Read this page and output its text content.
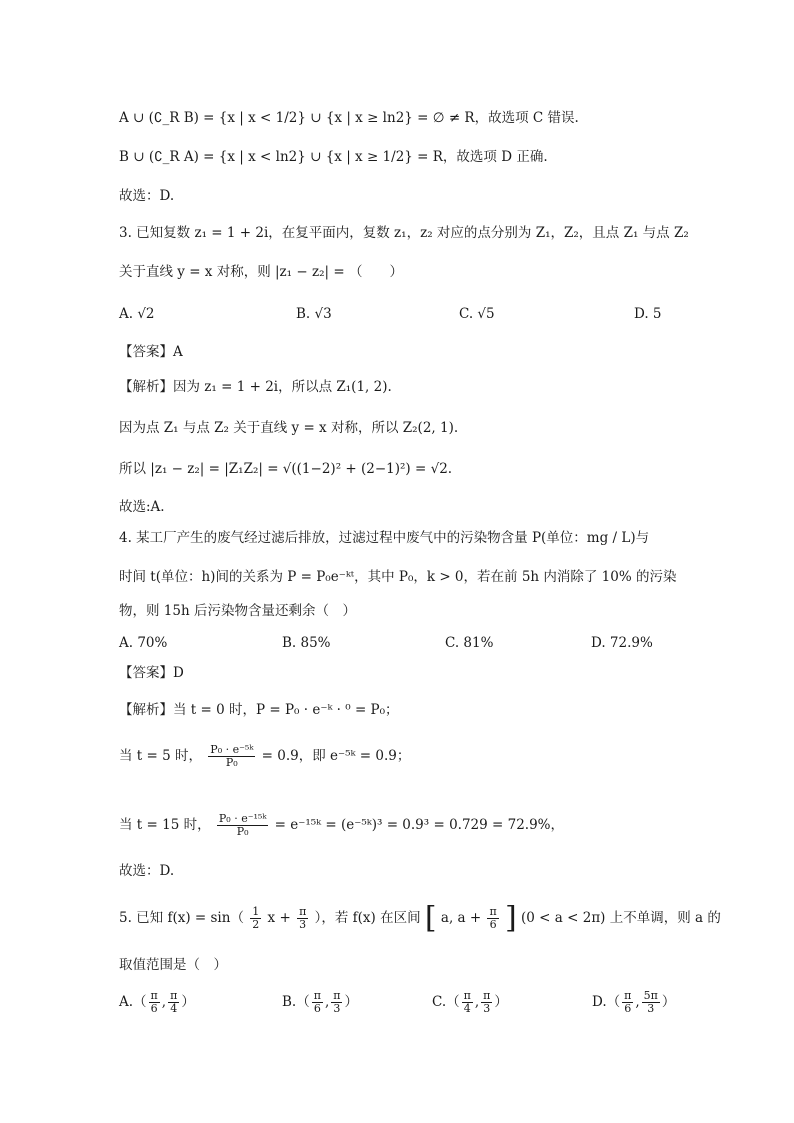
A ∪ (∁_R B) = {x | x < 1/2} ∪ {x | x ≥ ln2} = ∅ ≠ R，故选项 C 错误.
B ∪ (∁_R A) = {x | x < ln2} ∪ {x | x ≥ 1/2} = R，故选项 D 正确.
故选：D.
3. 已知复数 z₁ = 1 + 2i，在复平面内，复数 z₁，z₂ 对应的点分别为 Z₁，Z₂，且点 Z₁ 与点 Z₂
关于直线 y = x 对称，则 |z₁ − z₂| = （　　）
A. √2	B. √3	C. √5	D. 5
【答案】A
【解析】因为 z₁ = 1 + 2i，所以点 Z₁(1, 2).
因为点 Z₁ 与点 Z₂ 关于直线 y = x 对称，所以 Z₂(2, 1).
所以 |z₁ − z₂| = |Z₁Z₂| = √((1−2)² + (2−1)²) = √2.
故选:A.
4. 某工厂产生的废气经过滤后排放，过滤过程中废气中的污染物含量 P(单位：mg / L)与
时间 t(单位：h)间的关系为 P = P₀e⁻ᵏᵗ，其中 P₀，k > 0，若在前 5h 内消除了 10% 的污染
物，则 15h 后污染物含量还剩余（　）
A. 70%	B. 85%	C. 81%	D. 72.9%
【答案】D
【解析】当 t = 0 时，P = P₀ · e⁻ᵏ · ⁰ = P₀；
当 t = 5 时， $\frac{\text{P₀ · e⁻⁵ᵏ}}{\text{P₀}} = 0.9$，即 e⁻⁵ᵏ = 0.9；
当 t = 15 时， $\frac{\text{P₀ · e⁻¹⁵ᵏ}}{\text{P₀}}$ = e⁻¹⁵ᵏ = (e⁻⁵ᵏ)³ = 0.9³ = 0.729 = 72.9%，
故选：D.
5. 已知 $f(x) = \sin( \frac{1}{2}$ $x + \frac{\pi}{3}$ ），若 f(x) 在区间 [ a, $a + \frac{\pi}{6}$ ] (0 < a < 2π) 上不单调，则 a 的
取值范围是（　）
$A.( \frac{\pi}{6}$ , $\frac{\pi}{4}$ ）	$B.( \frac{\pi}{6}$ , $\frac{\pi}{3}$ ）	$C.( \frac{\pi}{4}$ , $\frac{\pi}{3}$ ）	$D.( \frac{\pi}{6}$ , $\frac{5\pi}{3}$ ）
